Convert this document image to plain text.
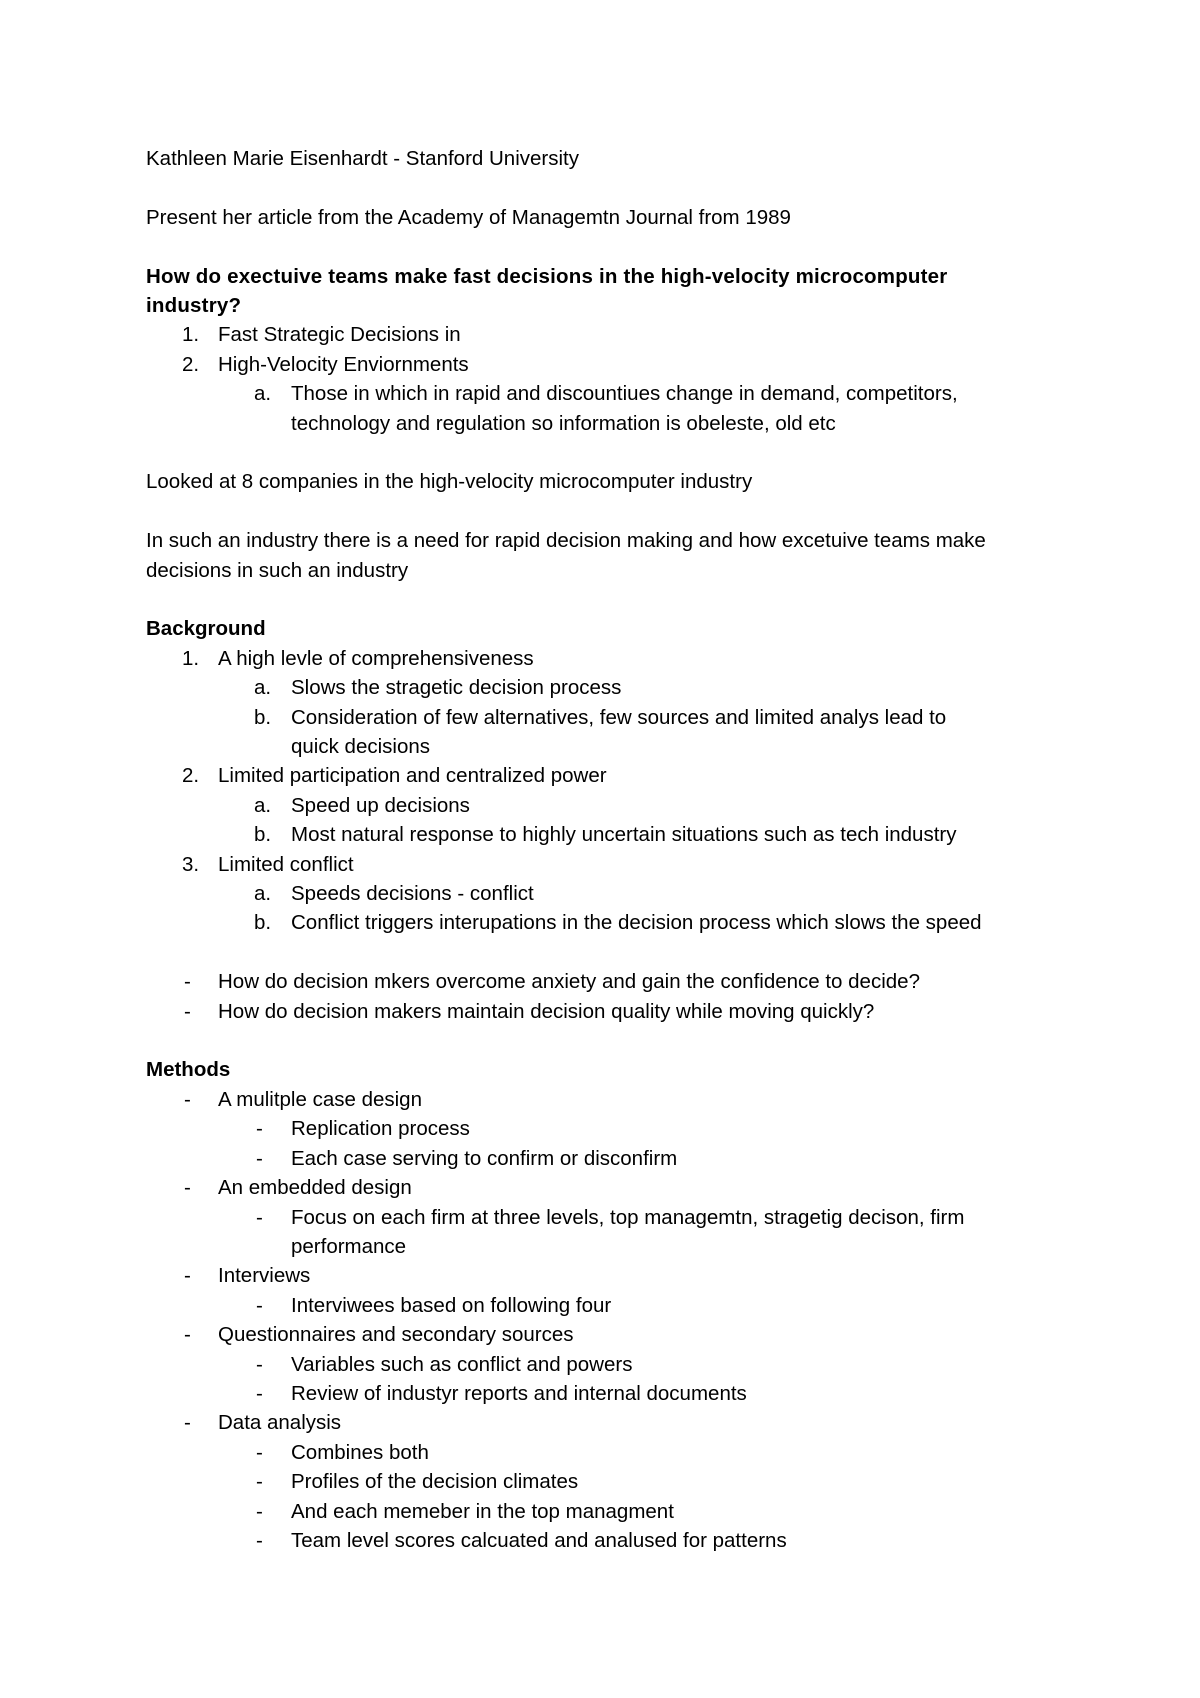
Kathleen Marie Eisenhardt - Stanford University
Present her article from the Academy of Managemtn Journal from 1989
How do exectuive teams make fast decisions in the high-velocity microcomputer
industry?
1. Fast Strategic Decisions in
2. High-Velocity Enviornments
a. Those in which in rapid and discountiues change in demand, competitors,
technology and regulation so information is obeleste, old etc
Looked at 8 companies in the high-velocity microcomputer industry
In such an industry there is a need for rapid decision making and how excetuive teams make
decisions in such an industry
Background
1. A high levle of comprehensiveness
a. Slows the stragetic decision process
b. Consideration of few alternatives, few sources and limited analys lead to
quick decisions
2. Limited participation and centralized power
a. Speed up decisions
b. Most natural response to highly uncertain situations such as tech industry
3. Limited conflict
a. Speeds decisions - conflict
b. Conflict triggers interupations in the decision process which slows the speed
- How do decision mkers overcome anxiety and gain the confidence to decide?
- How do decision makers maintain decision quality while moving quickly?
Methods
- A mulitple case design
- Replication process
- Each case serving to confirm or disconfirm
- An embedded design
- Focus on each firm at three levels, top managemtn, stragetig decison, firm
performance
- Interviews
- Interviwees based on following four
- Questionnaires and secondary sources
- Variables such as conflict and powers
- Review of industyr reports and internal documents
- Data analysis
- Combines both
- Profiles of the decision climates
- And each memeber in the top managment
- Team level scores calcuated and analused for patterns
